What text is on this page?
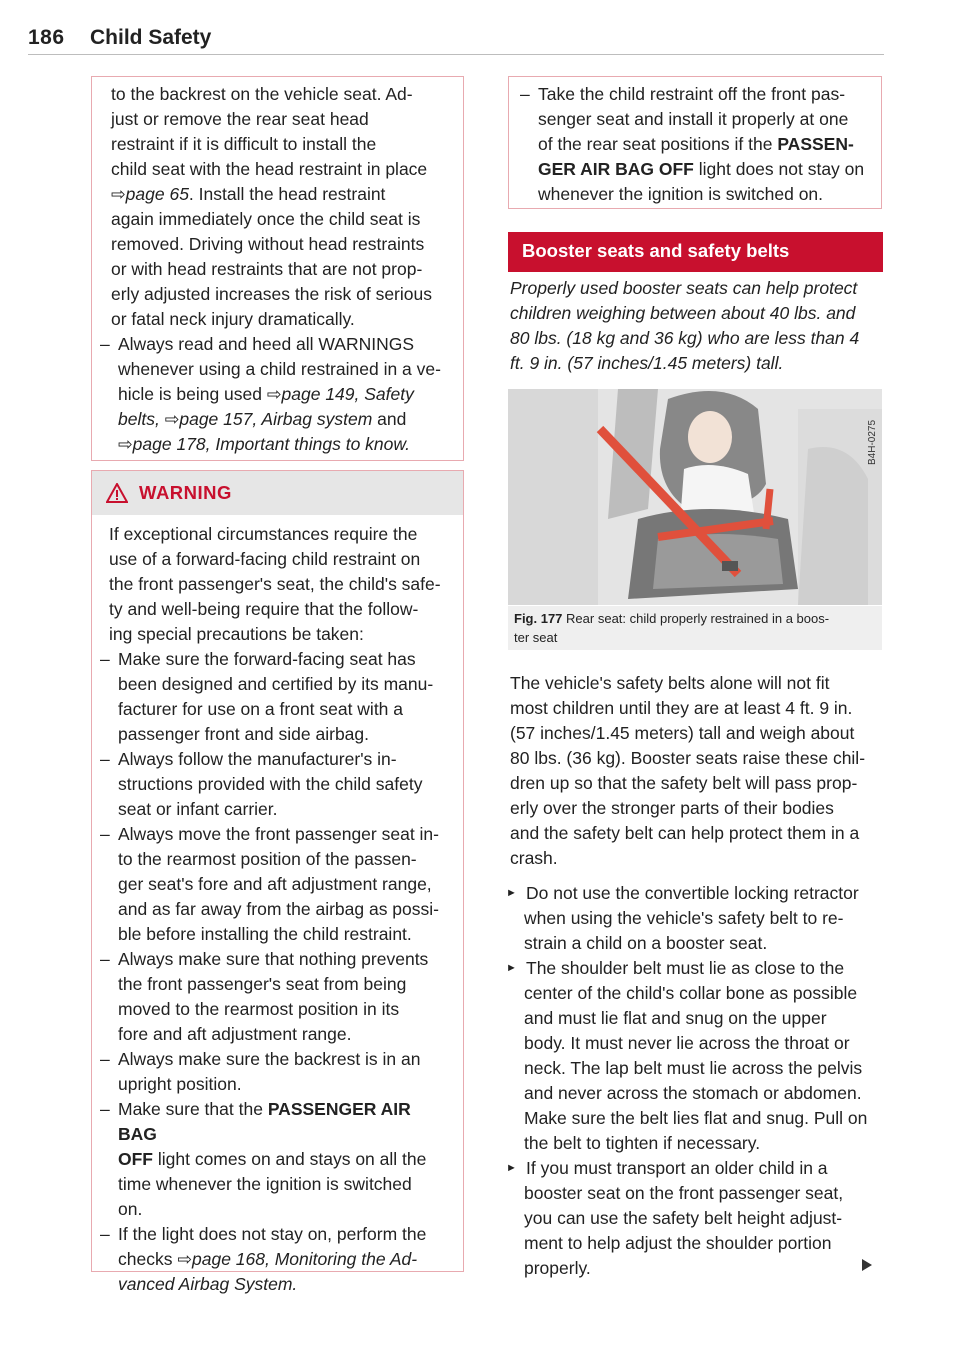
186 Child Safety

to the backrest on the vehicle seat. Ad-

just or remove the rear seat head

restraint if it is difficult to install the

child seat with the head restraint in place

⇨page 65. Install the head restraint

again immediately once the child seat is

removed. Driving without head restraints

or with head restraints that are not prop-

erly adjusted increases the risk of serious

or fatal neck injury dramatically.

– Always read and heed all WARNINGS

whenever using a child restrained in a ve-

hicle is being used ⇨page 149, Safety

belts, ⇨page 157, Airbag system and

⇨page 178, Important things to know.

WARNING

If exceptional circumstances require the

use of a forward-facing child restraint on

the front passenger's seat, the child's safe-

ty and well-being require that the follow-

ing special precautions be taken:

– Make sure the forward-facing seat has

been designed and certified by its manu-

facturer for use on a front seat with a

passenger front and side airbag.

– Always follow the manufacturer's in-

structions provided with the child safety

seat or infant carrier.

– Always move the front passenger seat in-

to the rearmost position of the passen-

ger seat's fore and aft adjustment range,

and as far away from the airbag as possi-

ble before installing the child restraint.

– Always make sure that nothing prevents

the front passenger's seat from being

moved to the rearmost position in its

fore and aft adjustment range.

– Always make sure the backrest is in an

upright position.

– Make sure that the PASSENGER AIR BAG

OFF light comes on and stays on all the

time whenever the ignition is switched

on.

– If the light does not stay on, perform the

checks ⇨page 168, Monitoring the Ad-

vanced Airbag System.

– Take the child restraint off the front pas-

senger seat and install it properly at one

of the rear seat positions if the PASSEN-

GER AIR BAG OFF light does not stay on

whenever the ignition is switched on.

Booster seats and safety belts

Properly used booster seats can help protect

children weighing between about 40 lbs. and

80 lbs. (18 kg and 36 kg) who are less than 4

ft. 9 in. (57 inches/1.45 meters) tall.

B4H-0275
Fig. 177 Rear seat: child properly restrained in a boos-
ter seat

The vehicle's safety belts alone will not fit

most children until they are at least 4 ft. 9 in.

(57 inches/1.45 meters) tall and weigh about

80 lbs. (36 kg). Booster seats raise these chil-

dren up so that the safety belt will pass prop-

erly over the stronger parts of their bodies

and the safety belt can help protect them in a

crash.

► Do not use the convertible locking retractor

when using the vehicle's safety belt to re-

strain a child on a booster seat.

► The shoulder belt must lie as close to the

center of the child's collar bone as possible

and must lie flat and snug on the upper

body. It must never lie across the throat or

neck. The lap belt must lie across the pelvis

and never across the stomach or abdomen.

Make sure the belt lies flat and snug. Pull on

the belt to tighten if necessary.

► If you must transport an older child in a

booster seat on the front passenger seat,

you can use the safety belt height adjust-

ment to help adjust the shoulder portion

properly.
